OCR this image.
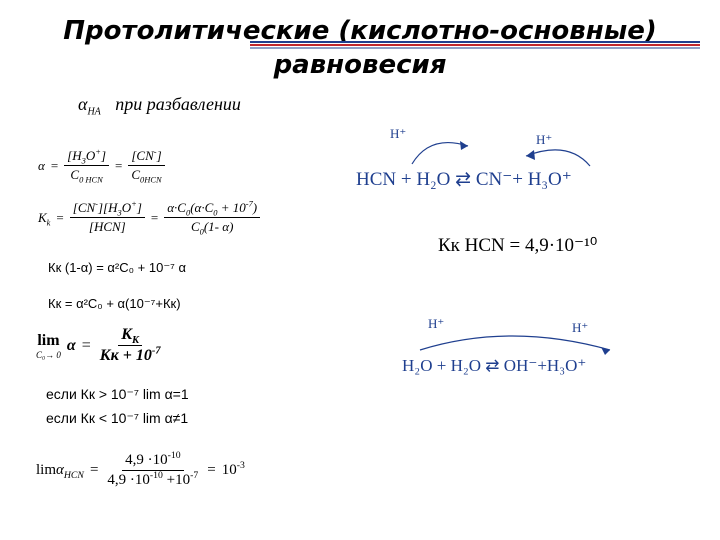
Протолитические (кислотно-основные)
равновесия
$\alpha_{НА}$ при разбавлении
$\alpha = \frac{[H_3O^+]}{C_{0 HCN}} = \frac{[CN^-]}{C_{0HCN}}$
$K_k = \frac{[CN^-][H_3O^+]}{\text{[HCN]}} = \frac{\alpha\cdot C_0(\alpha\cdot C_0 + 10^{-7})}{C_0(1- \alpha)}$
Кк (1-α) = α²C₀ + 10⁻⁷ α
Кк = α²C₀ + α(10⁻⁷+Кк)
lim
C₀→ 0
$\alpha = \frac{К_К}{Кк + 10^{-7}}$
если Кк > 10⁻⁷ lim α=1
если Кк < 10⁻⁷ lim α≠1
$\lim\alpha_{HCN} = \frac{4,9 \cdot 10^{-10}}{4,9 \cdot 10^{-10} +10^{-7}} = 10^{-3}$
H⁺	H⁺
HCN + H₂O ⇄ CN⁻+ H₃O⁺
Кк HCN = 4,9·10⁻¹⁰
H⁺	H⁺
H₂O + H₂O ⇄ OH⁻+H₃O⁺
